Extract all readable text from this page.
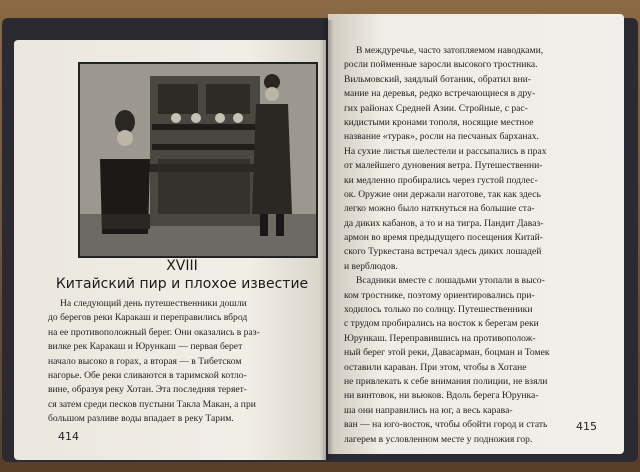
XVIII
Китайский пир и плохое известие
На следующий день путешественники дошли
до берегов реки Каракаш и переправились вброд
на ее противоположный берег. Они оказались в раз-
вилке рек Каракаш и Юрункаш — первая берет
начало высоко в горах, а вторая — в Тибетском
нагорье. Обе реки сливаются в таримской котло-
вине, образуя реку Хотан. Эта последняя теряет-
ся затем среди песков пустыни Такла Макан, а при
большом разливе воды впадает в реку Тарим.
414
В междуречье, часто затопляемом наводками,
росли пойменные заросли высокого тростника.
Вильмовский, заядлый ботаник, обратил вни-
мание на деревья, редко встречающиеся в дру-
гих районах Средней Азии. Стройные, с рас-
кидистыми кронами тополя, носящие местное
название «турак», росли на песчаных барханах.
На сухие листья шелестели и рассыпались в прах
от малейшего дуновения ветра. Путешественни-
ки медленно пробирались через густой подлес-
ок. Оружие они держали наготове, так как здесь
легко можно было наткнуться на большие ста-
да диких кабанов, а то и на тигра. Пандит Даваз-
армон во время предыдущего посещения Китай-
ского Туркестана встречал здесь диких лошадей
и верблюдов.
Всадники вместе с лошадьми утопали в высо-
ком тростнике, поэтому ориентировались при-
ходилось только по солнцу. Путешественники
с трудом пробирались на восток к берегам реки
Юрункаш. Переправившись на противополож-
ный берег этой реки, Давасарман, боцман и Томек
оставили караван. При этом, чтобы в Хотане
не привлекать к себе внимания полиции, не взяли
ни винтовок, ни вьюков. Вдоль берега Юрунка-
ша они направились на юг, а весь карава-
ван — на юго-восток, чтобы обойти город и стать
лагерем в условленном месте у подножия гор.
415
